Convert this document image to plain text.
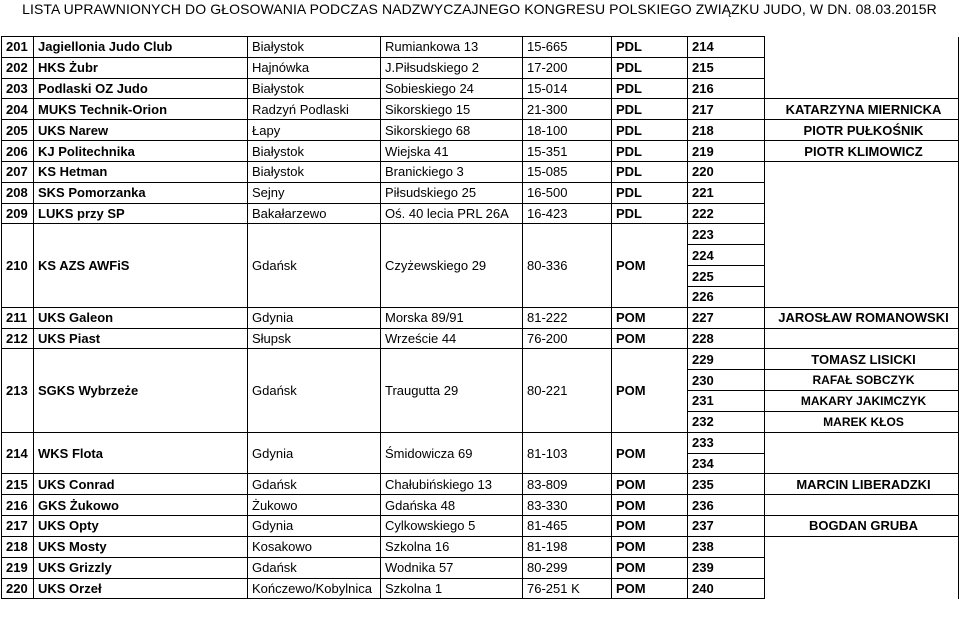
LISTA UPRAWNIONYCH DO GŁOSOWANIA PODCZAS NADZWYCZAJNEGO KONGRESU POLSKIEGO ZWIĄZKU JUDO, W DN. 08.03.2015R
201	Jagiellonia Judo Club	Białystok	Rumiankowa 13	15-665	PDL	214	
202	HKS Żubr	Hajnówka	J.Piłsudskiego 2	17-200	PDL	215	
203	Podlaski OZ Judo	Białystok	Sobieskiego 24	15-014	PDL	216	
204	MUKS Technik-Orion	Radzyń Podlaski	Sikorskiego 15	21-300	PDL	217	KATARZYNA MIERNICKA
205	UKS Narew	Łapy	Sikorskiego 68	18-100	PDL	218	PIOTR PUŁKOŚNIK
206	KJ Politechnika	Białystok	Wiejska 41	15-351	PDL	219	PIOTR KLIMOWICZ
207	KS Hetman	Białystok	Branickiego 3	15-085	PDL	220	
208	SKS Pomorzanka	Sejny	Piłsudskiego 25	16-500	PDL	221	
209	LUKS przy SP	Bakałarzewo	Oś. 40 lecia PRL 26A	16-423	PDL	222	
210	KS AZS AWFiS	Gdańsk	Czyżewskiego 29	80-336	POM	223	
						224	
						225	
						226	
211	UKS Galeon	Gdynia	Morska 89/91	81-222	POM	227	JAROSŁAW ROMANOWSKI
212	UKS Piast	Słupsk	Wrzeście 44	76-200	POM	228	
213	SGKS Wybrzeże	Gdańsk	Traugutta 29	80-221	POM	229	TOMASZ LISICKI
						230	RAFAŁ SOBCZYK
						231	MAKARY JAKIMCZYK
						232	MAREK KŁOS
214	WKS Flota	Gdynia	Śmidowicza 69	81-103	POM	233	
						234	
215	UKS Conrad	Gdańsk	Chałubińskiego 13	83-809	POM	235	MARCIN LIBERADZKI
216	GKS Żukowo	Żukowo	Gdańska 48	83-330	POM	236	
217	UKS Opty	Gdynia	Cylkowskiego 5	81-465	POM	237	BOGDAN GRUBA
218	UKS Mosty	Kosakowo	Szkolna 16	81-198	POM	238	
219	UKS Grizzly	Gdańsk	Wodnika 57	80-299	POM	239	
220	UKS Orzeł	Kończewo/Kobylnica	Szkolna 1	76-251 K	POM	240	
